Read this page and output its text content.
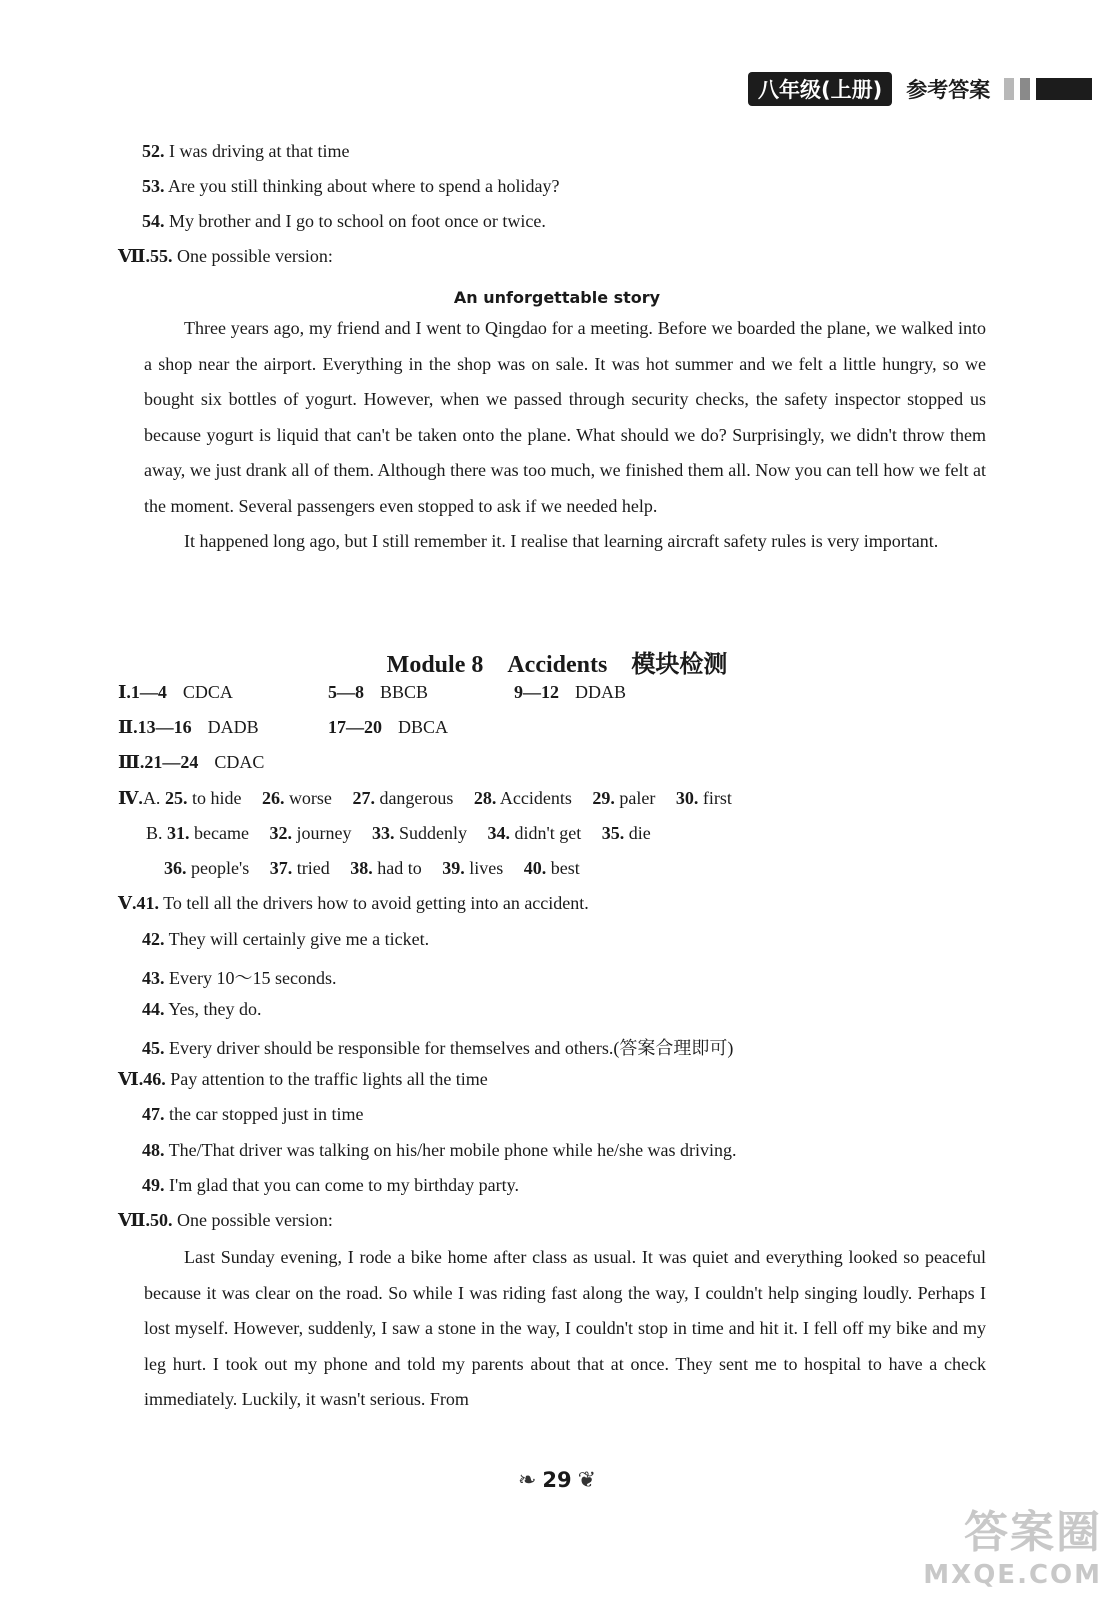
八年级(上册)	参考答案
52. I was driving at that time
53. Are you still thinking about where to spend a holiday?
54. My brother and I go to school on foot once or twice.
Ⅶ.55. One possible version:
An unforgettable story

Three years ago, my friend and I went to Qingdao for a meeting. Before we boarded the plane, we walked into a shop near the airport. Everything in the shop was on sale. It was hot summer and we felt a little hungry, so we bought six bottles of yogurt. However, when we passed through security checks, the safety inspector stopped us because yogurt is liquid that can't be taken onto the plane. What should we do? Surprisingly, we didn't throw them away, we just drank all of them. Although there was too much, we finished them all. Now you can tell how we felt at the moment. Several passengers even stopped to ask if we needed help.

It happened long ago, but I still remember it. I realise that learning aircraft safety rules is very important.

Module 8 Accidents 模块检测
Ⅰ.1—4 CDCA	5—8 BBCB	9—12 DDAB
Ⅱ.13—16 DADB	17—20 DBCA
Ⅲ.21—24 CDAC
Ⅳ.A. 25. to hide 26. worse 27. dangerous 28. Accidents 29. paler 30. first
B. 31. became 32. journey 33. Suddenly 34. didn't get 35. die
36. people's 37. tried 38. had to 39. lives 40. best
Ⅴ.41. To tell all the drivers how to avoid getting into an accident.
42. They will certainly give me a ticket.
43. Every 10～15 seconds.
44. Yes, they do.
45. Every driver should be responsible for themselves and others.(答案合理即可)
Ⅵ.46. Pay attention to the traffic lights all the time
47. the car stopped just in time
48. The/That driver was talking on his/her mobile phone while he/she was driving.
49. I'm glad that you can come to my birthday party.
Ⅶ.50. One possible version:

Last Sunday evening, I rode a bike home after class as usual. It was quiet and everything looked so peaceful because it was clear on the road. So while I was riding fast along the way, I couldn't help singing loudly. Perhaps I lost myself. However, suddenly, I saw a stone in the way, I couldn't stop in time and hit it. I fell off my bike and my leg hurt. I took out my phone and told my parents about that at once. They sent me to hospital to have a check immediately. Luckily, it wasn't serious. From

❧ 29 ❦
答案圈
MXQE.COM
